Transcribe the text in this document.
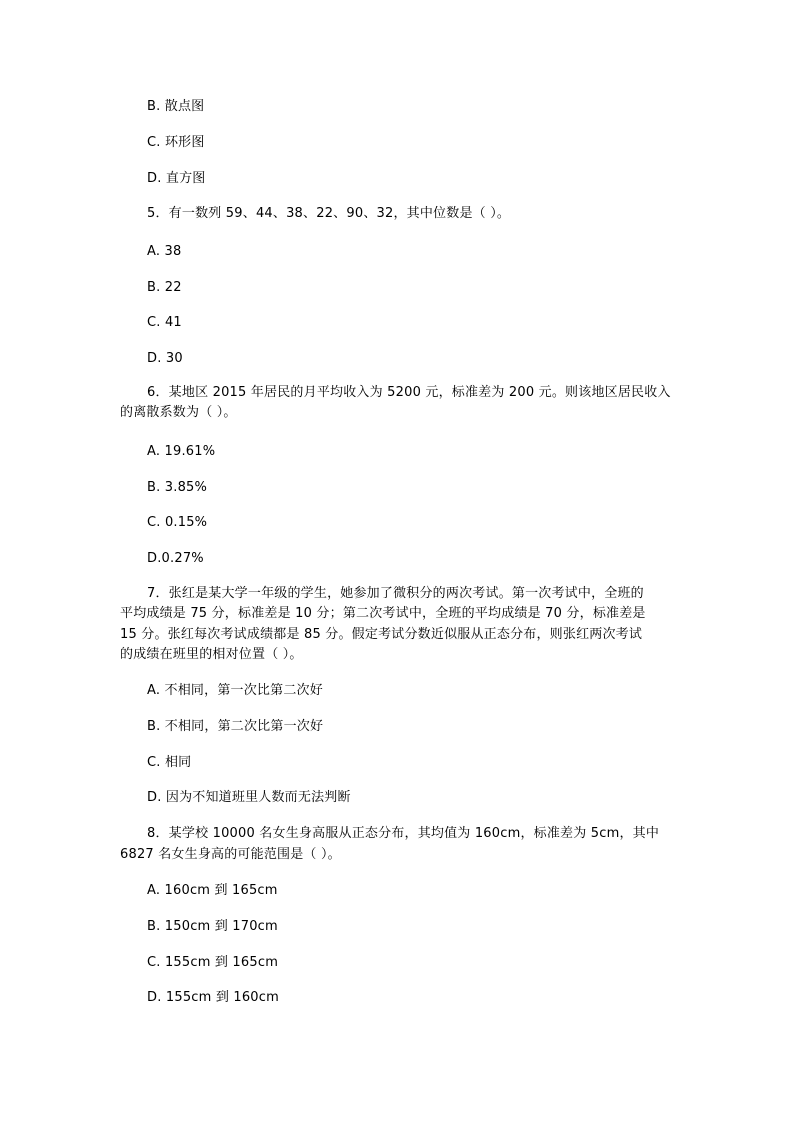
B. 散点图
C. 环形图
D. 直方图
5．有一数列 59、44、38、22、90、32，其中位数是（ ）。
A. 38
B. 22
C. 41
D. 30
6．某地区 2015 年居民的月平均收入为 5200 元，标准差为 200 元。则该地区居民收入
的离散系数为（ ）。
A. 19.61%
B. 3.85%
C. 0.15%
D.0.27%
7．张红是某大学一年级的学生，她参加了微积分的两次考试。第一次考试中，全班的
平均成绩是 75 分，标准差是 10 分；第二次考试中，全班的平均成绩是 70 分，标准差是
15 分。张红每次考试成绩都是 85 分。假定考试分数近似服从正态分布，则张红两次考试
的成绩在班里的相对位置（ ）。
A. 不相同，第一次比第二次好
B. 不相同，第二次比第一次好
C. 相同
D. 因为不知道班里人数而无法判断
8．某学校 10000 名女生身高服从正态分布，其均值为 160cm，标准差为 5cm，其中
6827 名女生身高的可能范围是（ ）。
A. 160cm 到 165cm
B. 150cm 到 170cm
C. 155cm 到 165cm
D. 155cm 到 160cm
